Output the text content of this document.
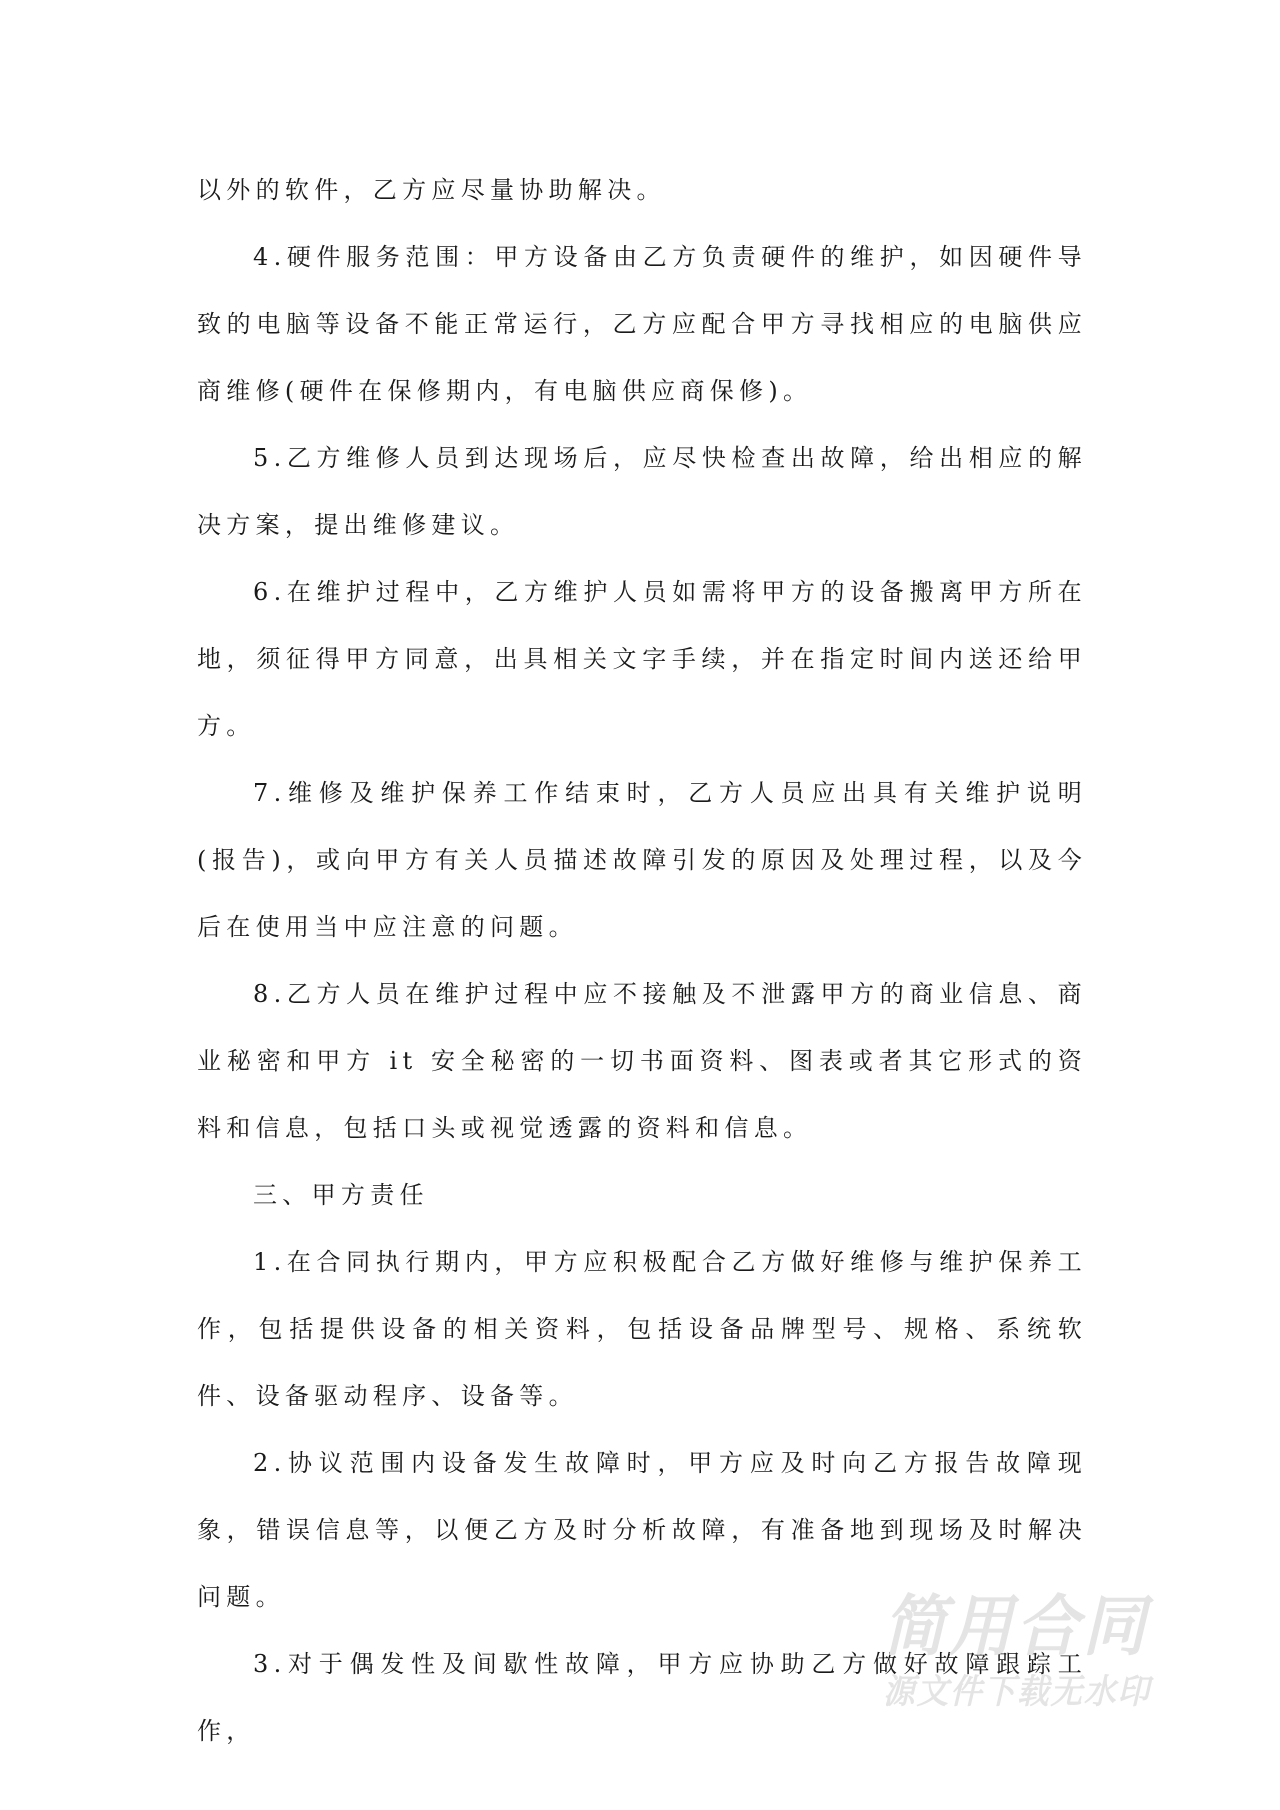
以外的软件，乙方应尽量协助解决。

4.硬件服务范围：甲方设备由乙方负责硬件的维护，如因硬件导致的电脑等设备不能正常运行，乙方应配合甲方寻找相应的电脑供应商维修(硬件在保修期内，有电脑供应商保修)。

5.乙方维修人员到达现场后，应尽快检查出故障，给出相应的解决方案，提出维修建议。

6.在维护过程中，乙方维护人员如需将甲方的设备搬离甲方所在地，须征得甲方同意，出具相关文字手续，并在指定时间内送还给甲方。

7.维修及维护保养工作结束时，乙方人员应出具有关维护说明(报告)，或向甲方有关人员描述故障引发的原因及处理过程，以及今后在使用当中应注意的问题。

8.乙方人员在维护过程中应不接触及不泄露甲方的商业信息、商业秘密和甲方 it 安全秘密的一切书面资料、图表或者其它形式的资料和信息，包括口头或视觉透露的资料和信息。

三、甲方责任

1.在合同执行期内，甲方应积极配合乙方做好维修与维护保养工作，包括提供设备的相关资料，包括设备品牌型号、规格、系统软件、设备驱动程序、设备等。

2.协议范围内设备发生故障时，甲方应及时向乙方报告故障现象，错误信息等，以便乙方及时分析故障，有准备地到现场及时解决问题。

3.对于偶发性及间歇性故障，甲方应协助乙方做好故障跟踪工作，

简用合同
源文件下载无水印
